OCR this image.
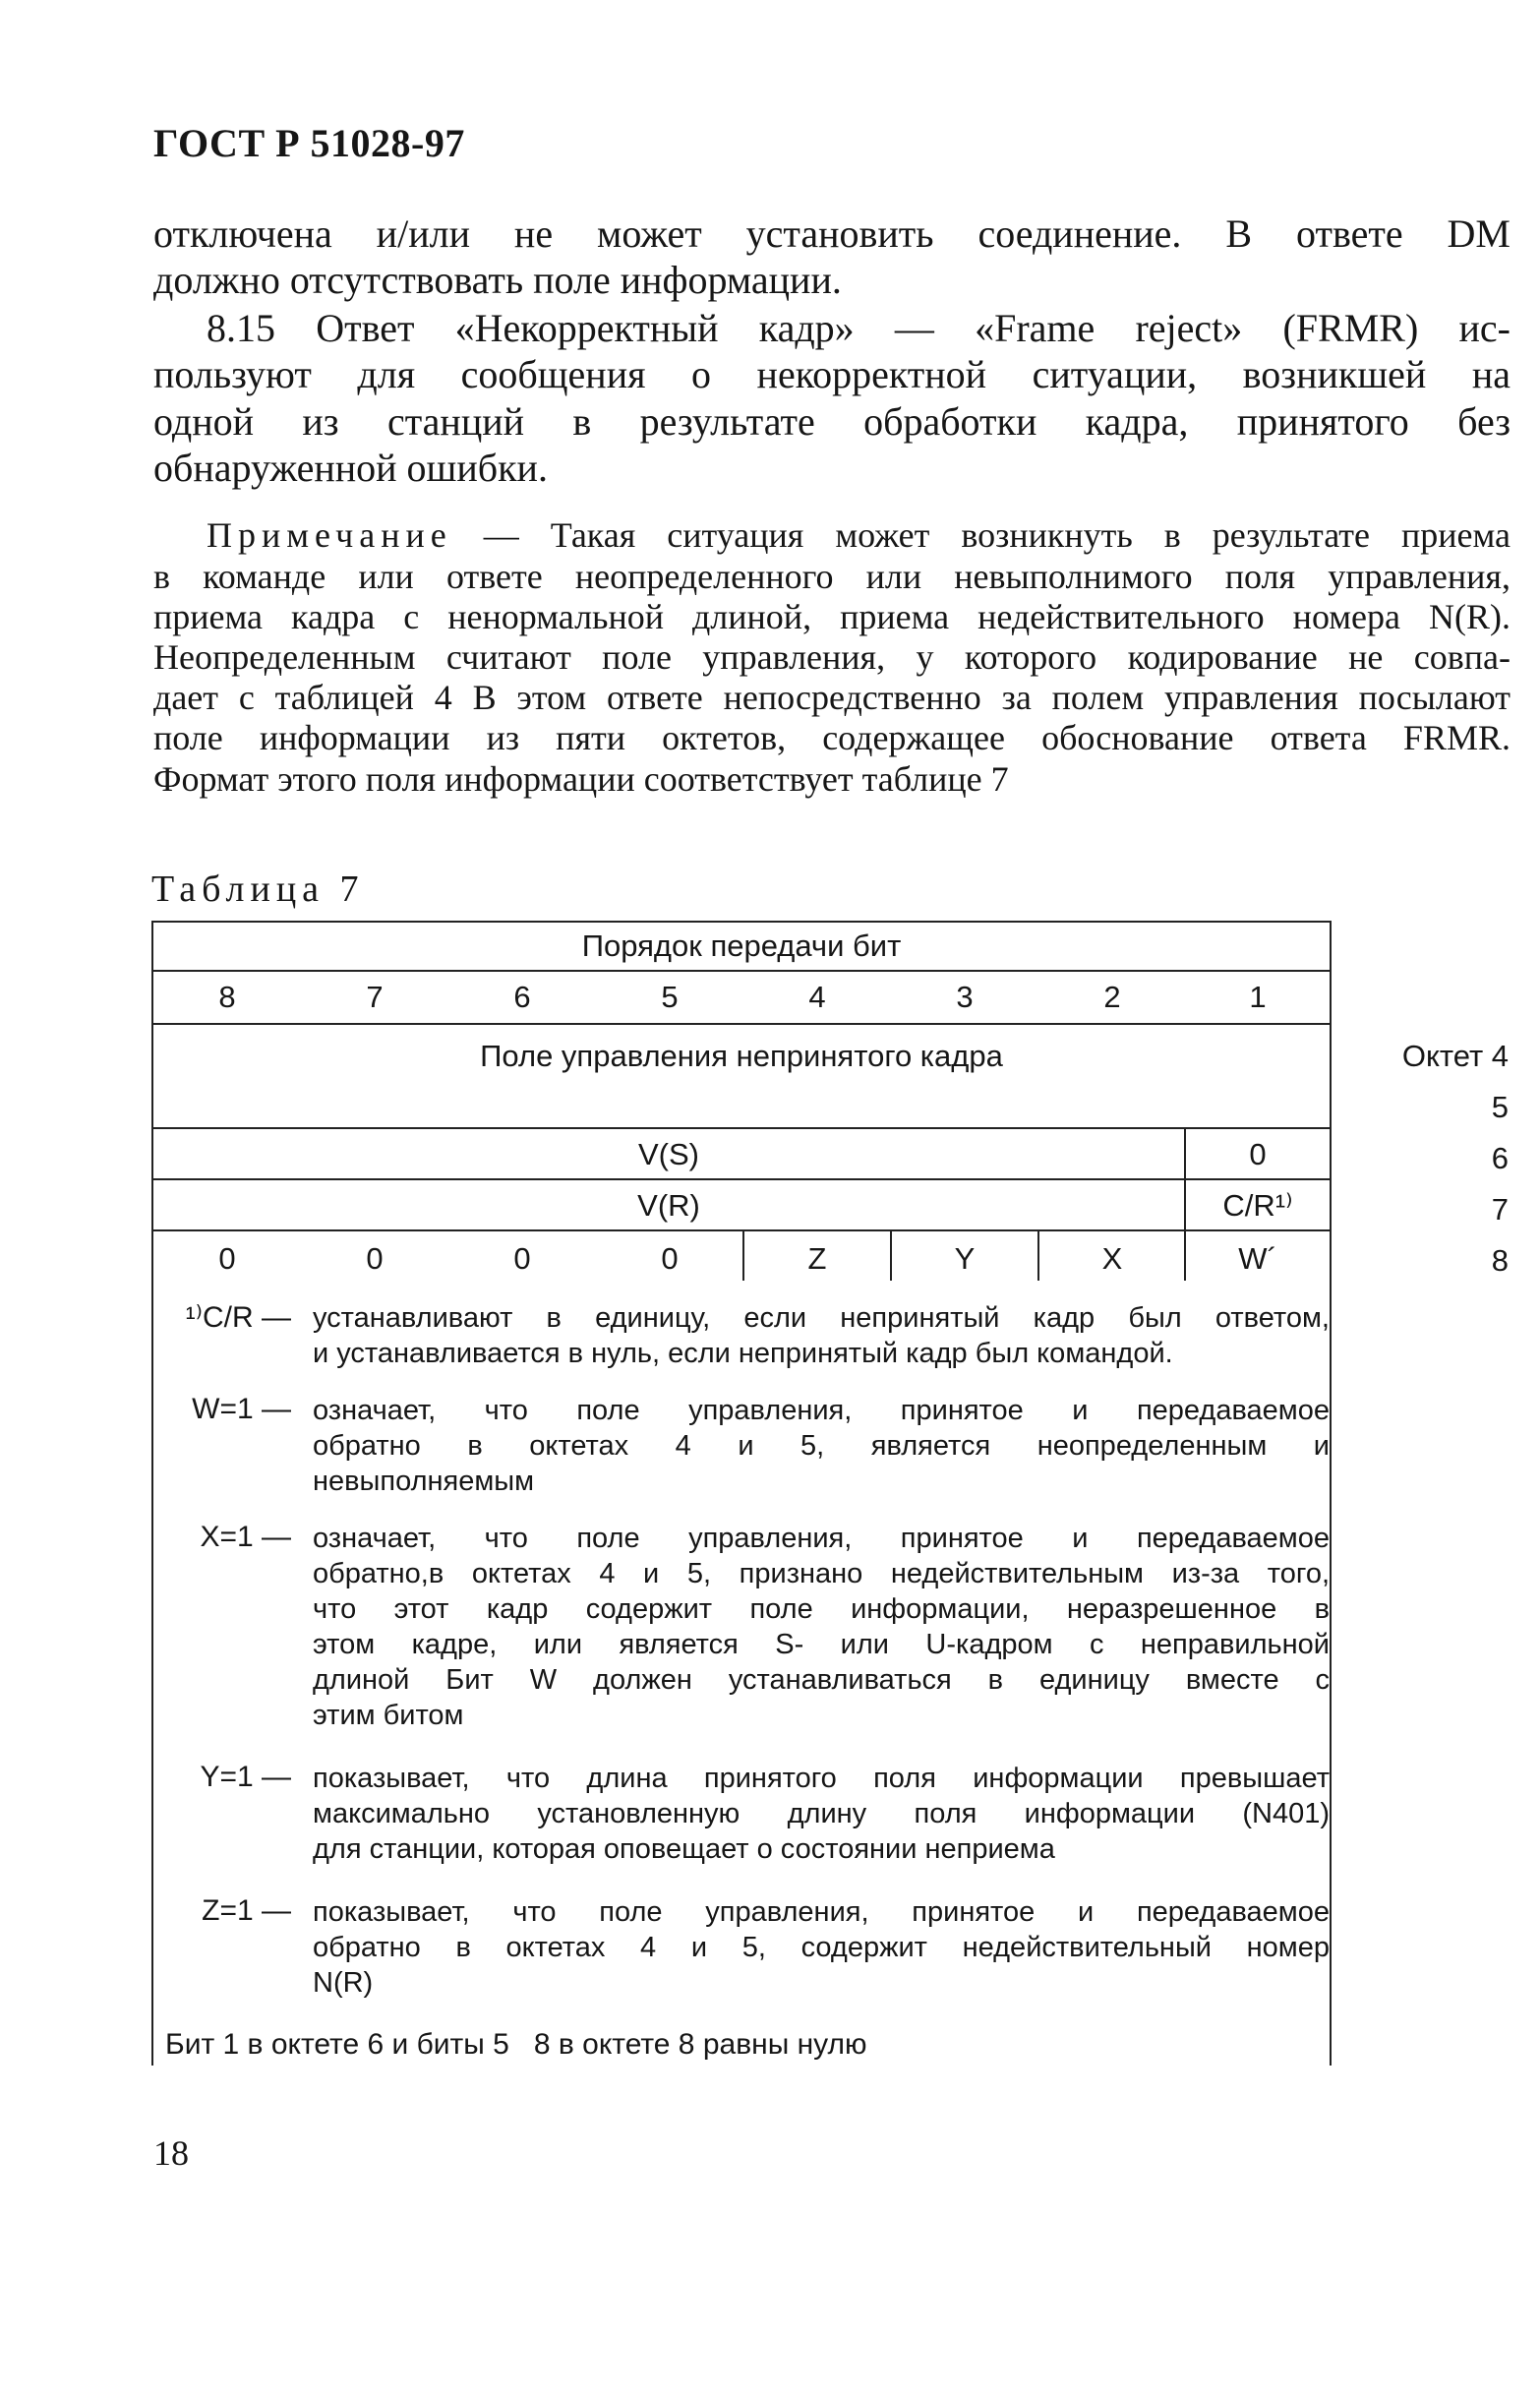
ГОСТ Р 51028-97
отключена и/или не может установить соединение. В ответе DM
должно отсутствовать поле информации.
8.15 Ответ «Некорректный кадр» — «Frame reject» (FRMR) ис-
пользуют для сообщения о некорректной ситуации, возникшей на
одной из станций в результате обработки кадра, принятого без
обнаруженной ошибки.
Примечание — Такая ситуация может возникнуть в результате приема
в команде или ответе неопределенного или невыполнимого поля управления,
приема кадра с ненормальной длиной, приема недействительного номера N(R).
Неопределенным считают поле управления, у которого кодирование не совпа-
дает с таблицей 4 В этом ответе непосредственно за полем управления посылают
поле информации из пяти октетов, содержащее обоснование ответа FRMR.
Формат этого поля информации соответствует таблице 7
Таблица 7
Порядок передачи бит
8	7	6	5	4	3	2	1
Поле управления непринятого кадра
V(S)	0
V(R)	C/R¹⁾
0	0	0	0	Z	Y	X	W´
Октет 4
5
6
7
8
¹⁾C/R — устанавливают в единицу, если непринятый кадр был ответом,
и устанавливается в нуль, если непринятый кадр был командой.
W=1 — означает, что поле управления, принятое и передаваемое
обратно в октетах 4 и 5, является неопределенным и
невыполняемым
X=1 — означает, что поле управления, принятое и передаваемое
обратно,в октетах 4 и 5, признано недействительным из-за того,
что этот кадр содержит поле информации, неразрешенное в
этом кадре, или является S- или U-кадром с неправильной
длиной Бит W должен устанавливаться в единицу вместе с
этим битом
Y=1 — показывает, что длина принятого поля информации превышает
максимально установленную длину поля информации (N401)
для станции, которая оповещает о состоянии неприема
Z=1 — показывает, что поле управления, принятое и передаваемое
обратно в октетах 4 и 5, содержит недействительный номер
N(R)
Бит 1 в октете 6 и биты 5   8 в октете 8 равны нулю
18
